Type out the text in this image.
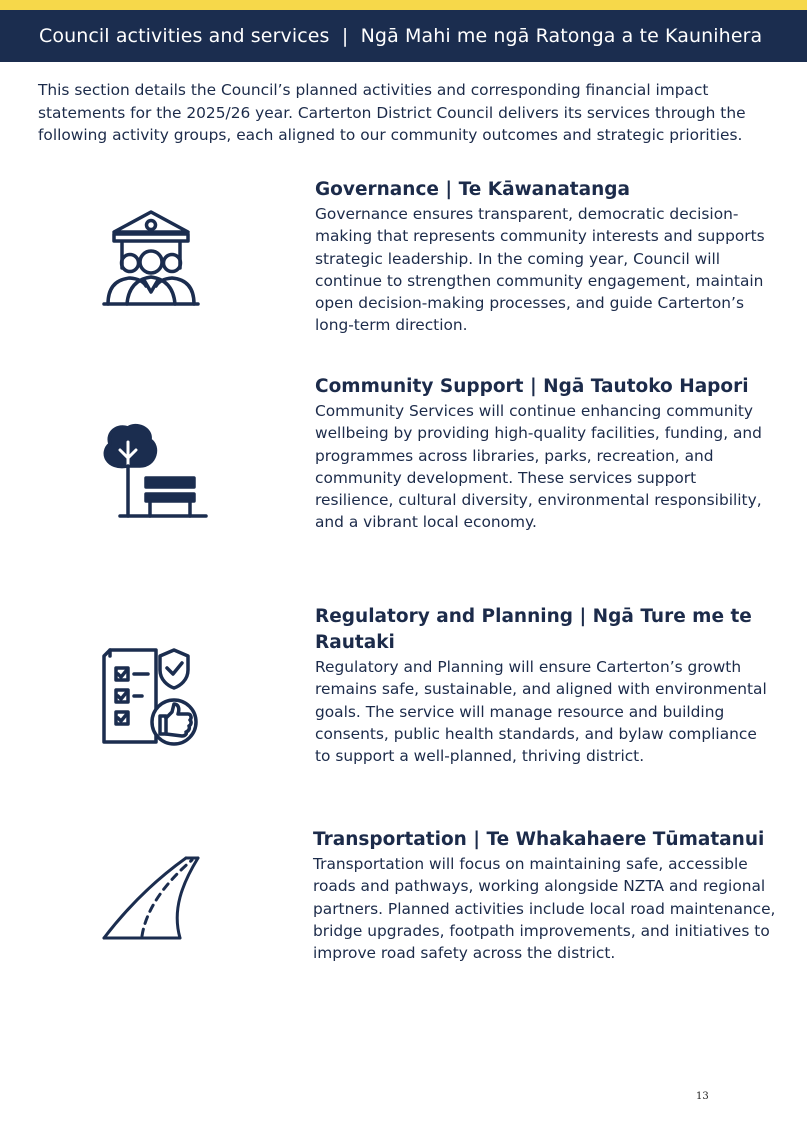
Council activities and services  |  Ngā Mahi me ngā Ratonga a te Kaunihera

This section details the Council’s planned activities and corresponding financial impact statements for the 2025/26 year. Carterton District Council delivers its services through the following activity groups, each aligned to our community outcomes and strategic priorities.

Governance | Te Kāwanatanga

Governance ensures transparent, democratic decision-making that represents community interests and supports strategic leadership. In the coming year, Council will continue to strengthen community engagement, maintain open decision-making processes, and guide Carterton’s long-term direction.

Community Support | Ngā Tautoko Hapori

Community Services will continue enhancing community wellbeing by providing high-quality facilities, funding, and programmes across libraries, parks, recreation, and community development. These services support resilience, cultural diversity, environmental responsibility, and a vibrant local economy.

Regulatory and Planning | Ngā Ture me te Rautaki

Regulatory and Planning will ensure Carterton’s growth remains safe, sustainable, and aligned with environmental goals. The service will manage resource and building consents, public health standards, and bylaw compliance to support a well-planned, thriving district.

Transportation | Te Whakahaere Tūmatanui

Transportation will focus on maintaining safe, accessible roads and pathways, working alongside NZTA and regional partners. Planned activities include local road maintenance, bridge upgrades, footpath improvements, and initiatives to improve road safety across the district.

13
